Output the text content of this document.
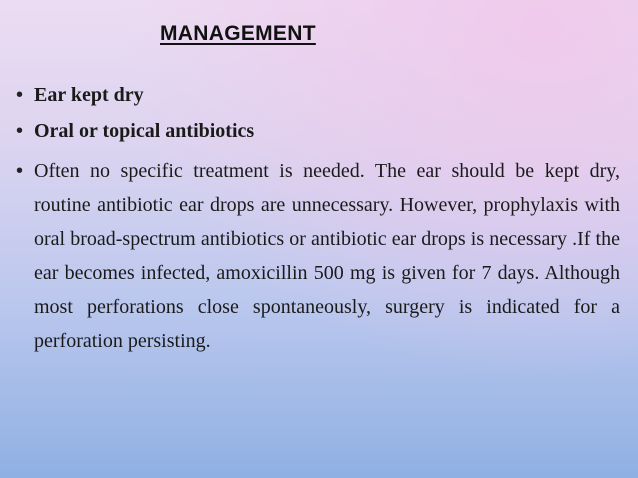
MANAGEMENT
• Ear kept dry
• Oral or topical antibiotics
• Often no specific treatment is needed. The ear should be kept dry, routine antibiotic ear drops are unnecessary. However, prophylaxis with oral broad-spectrum antibiotics or antibiotic ear drops is necessary .If the ear becomes infected, amoxicillin 500 mg is given for 7 days. Although most perforations close spontaneously, surgery is indicated for a perforation persisting.
